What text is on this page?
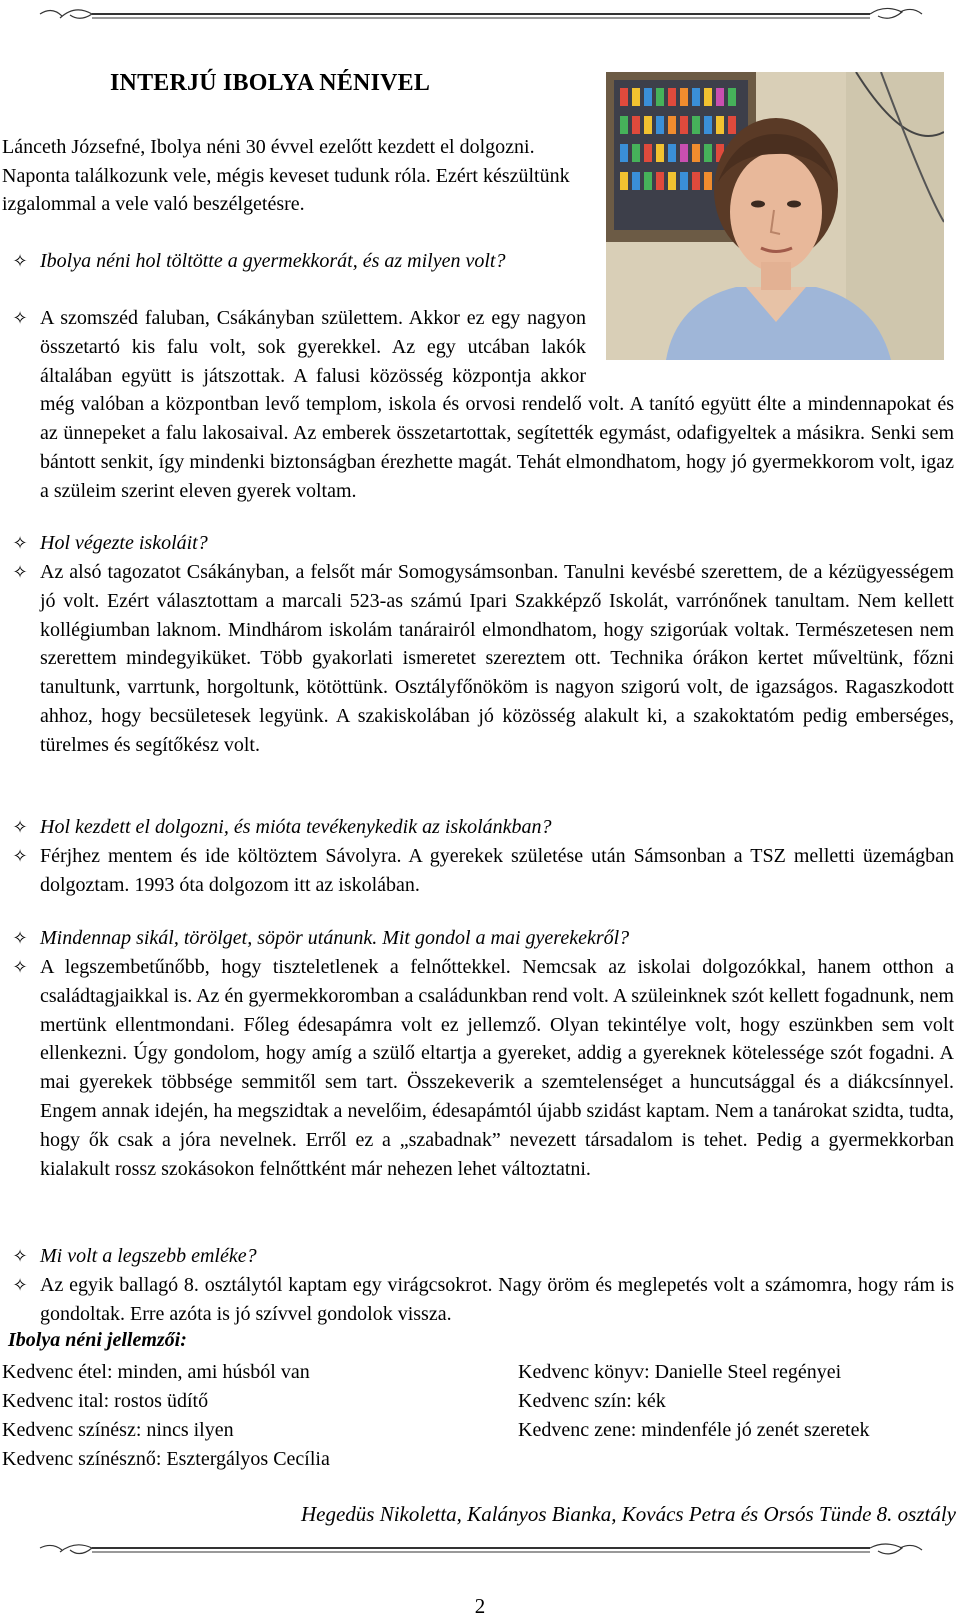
INTERJÚ IBOLYA NÉNIVEL
Lánceth Józsefné, Ibolya néni 30 évvel ezelőtt kezdett el dolgozni. Naponta találkozunk vele, mégis keveset tudunk róla. Ezért készültünk izgalommal a vele való beszélgetésre.
✧ Ibolya néni hol töltötte a gyermekkorát, és az milyen volt?
✧ A szomszéd faluban, Csákányban születtem. Akkor ez egy nagyon összetartó kis falu volt, sok gyerekkel. Az egy utcában lakók általában együtt is játszottak. A falusi közösség központja akkor még valóban a központban levő templom, iskola és orvosi rendelő volt. A tanító együtt élte a mindennapokat és az ünnepeket a falu lakosaival. Az emberek összetartottak, segítették egymást, odafigyeltek a másikra. Senki sem bántott senkit, így mindenki biztonságban érezhette magát. Tehát elmondhatom, hogy jó gyermekkorom volt, igaz a szüleim szerint eleven gyerek voltam.
✧ Hol végezte iskoláit?
✧ Az alsó tagozatot Csákányban, a felsőt már Somogysámsonban. Tanulni kevésbé szerettem, de a kézügyességem jó volt. Ezért választottam a marcali 523-as számú Ipari Szakképző Iskolát, varrónőnek tanultam. Nem kellett kollégiumban laknom. Mindhárom iskolám tanárairól elmondhatom, hogy szigorúak voltak. Természetesen nem szerettem mindegyiküket. Több gyakorlati ismeretet szereztem ott. Technika órákon kertet műveltünk, főzni tanultunk, varrtunk, horgoltunk, kötöttünk. Osztályfőnököm is nagyon szigorú volt, de igazságos. Ragaszkodott ahhoz, hogy becsületesek legyünk. A szakiskolában jó közösség alakult ki, a szakoktatóm pedig emberséges, türelmes és segítőkész volt.
✧ Hol kezdett el dolgozni, és mióta tevékenykedik az iskolánkban?
✧ Férjhez mentem és ide költöztem Sávolyra. A gyerekek születése után Sámsonban a TSZ melletti üzemágban dolgoztam. 1993 óta dolgozom itt az iskolában.
✧ Mindennap sikál, törölget, söpör utánunk. Mit gondol a mai gyerekekről?
✧ A legszembetűnőbb, hogy tiszteletlenek a felnőttekkel. Nemcsak az iskolai dolgozókkal, hanem otthon a családtagjaikkal is. Az én gyermekkoromban a családunkban rend volt. A szüleinknek szót kellett fogadnunk, nem mertünk ellentmondani. Főleg édesapámra volt ez jellemző. Olyan tekintélye volt, hogy eszünkben sem volt ellenkezni. Úgy gondolom, hogy amíg a szülő eltartja a gyereket, addig a gyereknek kötelessége szót fogadni. A mai gyerekek többsége semmitől sem tart. Összekeverik a szemtelenséget a huncutsággal és a diákcsínnyel. Engem annak idején, ha megszidtak a nevelőim, édesapámtól újabb szidást kaptam. Nem a tanárokat szidta, tudta, hogy ők csak a jóra nevelnek. Erről ez a „szabadnak” nevezett társadalom is tehet. Pedig a gyermekkorban kialakult rossz szokásokon felnőttként már nehezen lehet változtatni.
✧ Mi volt a legszebb emléke?
✧ Az egyik ballagó 8. osztálytól kaptam egy virágcsokrot. Nagy öröm és meglepetés volt a számomra, hogy rám is gondoltak. Erre azóta is jó szívvel gondolok vissza.
Ibolya néni jellemzői:
Kedvenc étel: minden, ami húsból van
Kedvenc ital: rostos üdítő
Kedvenc színész: nincs ilyen
Kedvenc színésznő: Esztergályos Cecília
Kedvenc könyv: Danielle Steel regényei
Kedvenc szín: kék
Kedvenc zene: mindenféle jó zenét szeretek
Hegedüs Nikoletta, Kalányos Bianka, Kovács Petra és Orsós Tünde 8. osztály
2
